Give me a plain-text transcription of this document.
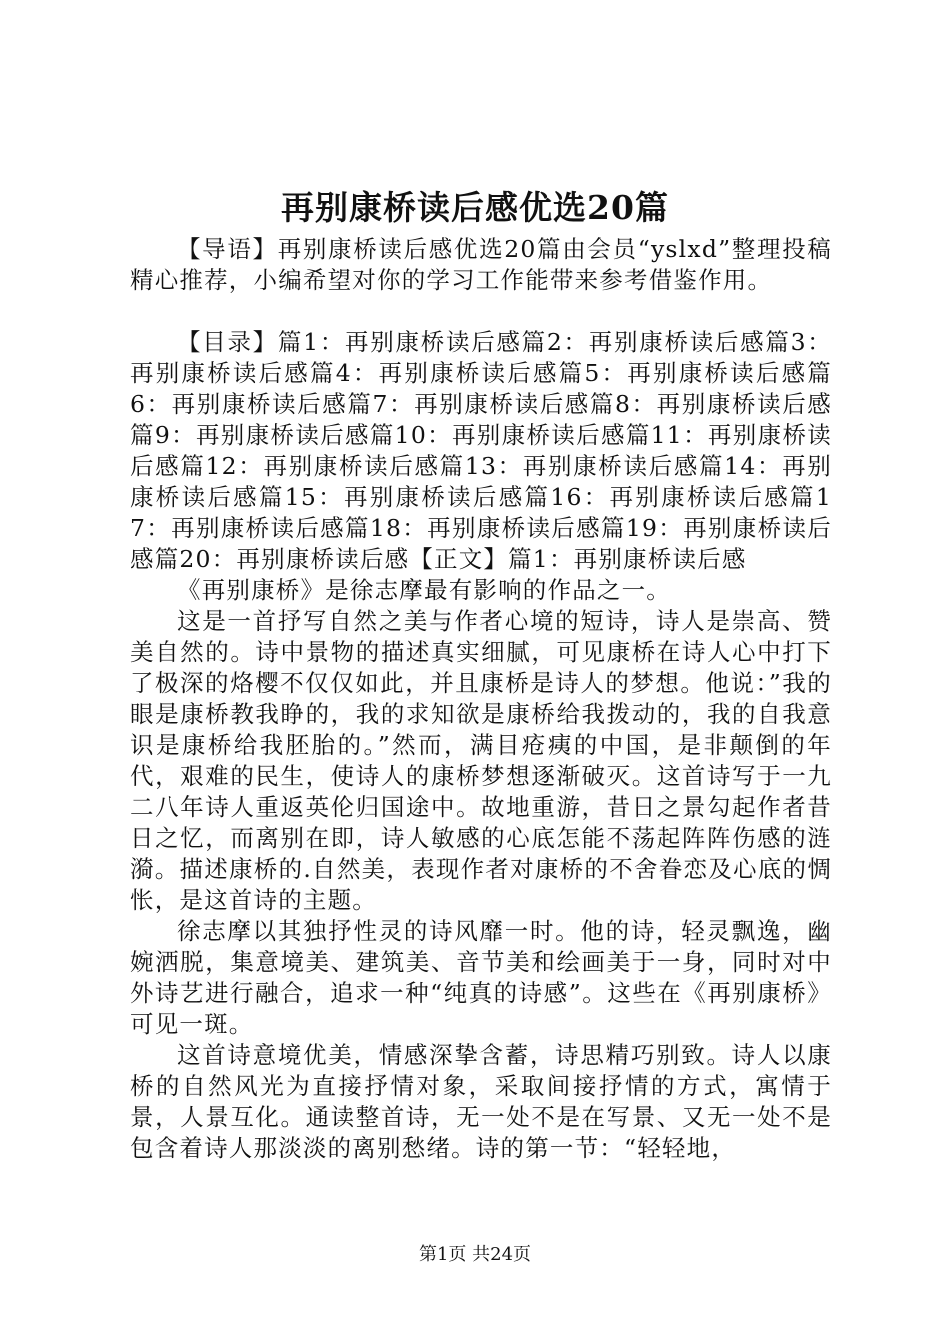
再别康桥读后感优选20篇

【导语】再别康桥读后感优选20篇由会员“yslxd”整理投稿精心推荐，小编希望对你的学习工作能带来参考借鉴作用。

【目录】篇1：再别康桥读后感篇2：再别康桥读后感篇3：再别康桥读后感篇4：再别康桥读后感篇5：再别康桥读后感篇6：再别康桥读后感篇7：再别康桥读后感篇8：再别康桥读后感篇9：再别康桥读后感篇10：再别康桥读后感篇11：再别康桥读后感篇12：再别康桥读后感篇13：再别康桥读后感篇14：再别康桥读后感篇15：再别康桥读后感篇16：再别康桥读后感篇17：再别康桥读后感篇18：再别康桥读后感篇19：再别康桥读后感篇20：再别康桥读后感【正文】篇1：再别康桥读后感

《再别康桥》是徐志摩最有影响的作品之一。

这是一首抒写自然之美与作者心境的短诗，诗人是崇高、赞美自然的。诗中景物的描述真实细腻，可见康桥在诗人心中打下了极深的烙樱不仅仅如此，并且康桥是诗人的梦想。他说：”我的眼是康桥教我睁的，我的求知欲是康桥给我拨动的，我的自我意识是康桥给我胚胎的。”然而，满目疮痍的中国，是非颠倒的年代，艰难的民生，使诗人的康桥梦想逐渐破灭。这首诗写于一九二八年诗人重返英伦归国途中。故地重游，昔日之景勾起作者昔日之忆，而离别在即，诗人敏感的心底怎能不荡起阵阵伤感的涟漪。描述康桥的.自然美，表现作者对康桥的不舍眷恋及心底的惆怅，是这首诗的主题。

徐志摩以其独抒性灵的诗风靡一时。他的诗，轻灵飘逸，幽婉洒脱，集意境美、建筑美、音节美和绘画美于一身，同时对中外诗艺进行融合，追求一种“纯真的诗感”。这些在《再别康桥》可见一斑。

这首诗意境优美，情感深挚含蓄，诗思精巧别致。诗人以康桥的自然风光为直接抒情对象，采取间接抒情的方式，寓情于景，人景互化。通读整首诗，无一处不是在写景、又无一处不是包含着诗人那淡淡的离别愁绪。诗的第一节：“轻轻地，

第1页 共24页
